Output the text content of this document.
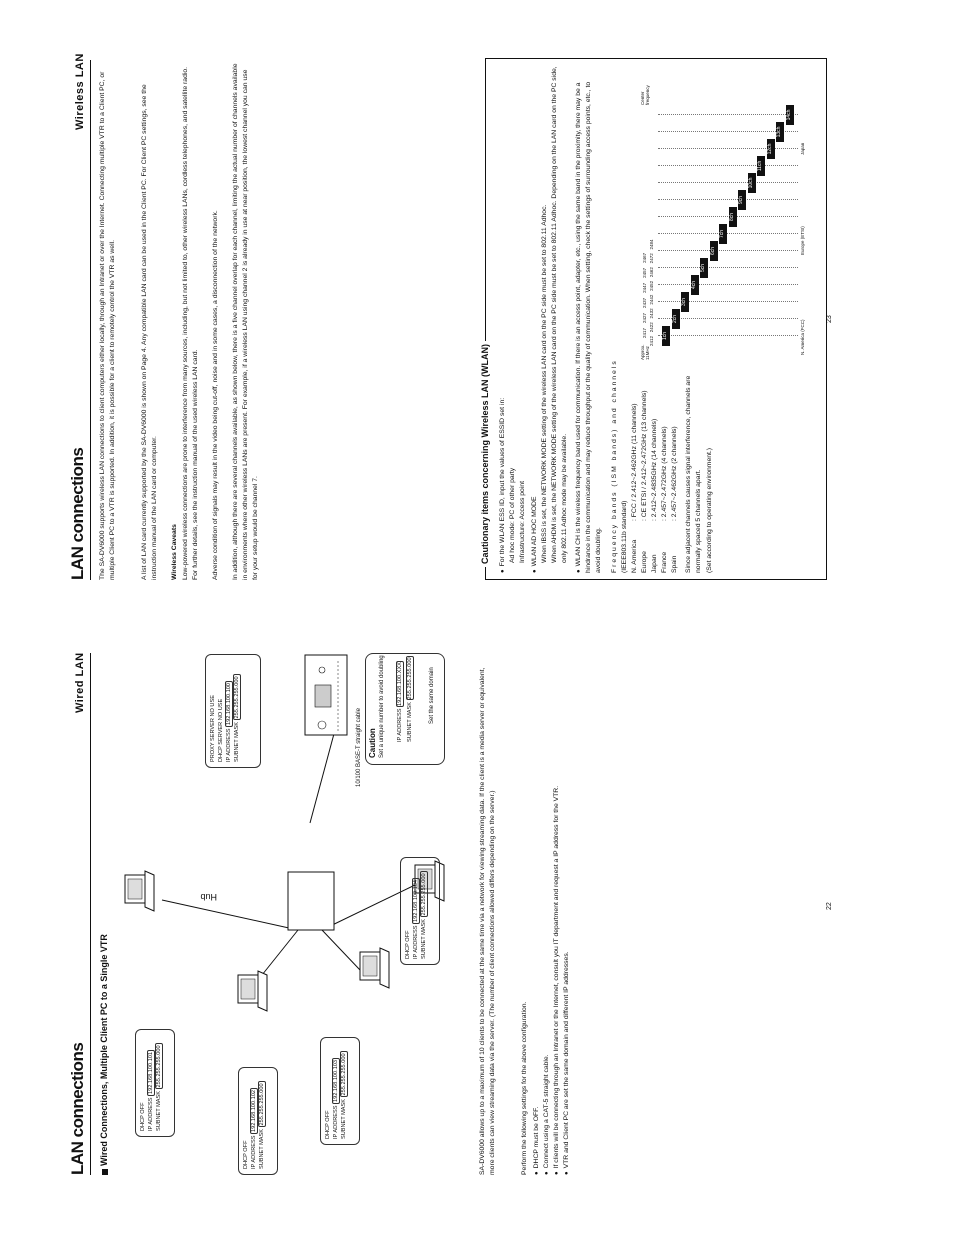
LAN connections
Wired LAN
Wired Connections, Multiple Client PC to a Single VTR
Hub
10/100 BASE-T straight cable
DHCP OFF IP ADDRESS 192.168.100.101
SUBNET MASK 255.255.255.000
DHCP OFF IP ADDRESS 192.168.100.102
SUBNET MASK 255.255.255.000	DHCP OFF IP ADDRESS 192.168.100.103
SUBNET MASK 255.255.255.000
DHCP OFF IP ADDRESS 192.168.100.104
SUBNET MASK 255.255.255.000
PROXY SERVER NO USE DHCP SERVER NO USE IP ADDRESS 192.168.100.100
SUBNET MASK 255.255.255.000
Caution Set a unique number to avoid doubling IP ADDRESS 192.168.100.XXX
SUBNET MASK 255.255.255.000	Set the same domain	SA-DV6000 allows up to a maximum of 10 clients to be connected at the same time via a network for viewing streaming data. If the client is a media server or equivalent, more clients can view streaming data via the server. (The number of client connections allowed differs depending on the server.)	Perform the following settings for the above configuration. ● DHCP must be OFF. ● Connect using a CAT-5 straight cable. ● If clients will be connecting through an Intranet or the Internet, consult you IT department and request a IP address for the VTR. ● VTR and Client PC are set the same domain and different IP addresses.
22
LAN connections
Wireless LAN The SA-DV6000 supports wireless LAN connections to client computers either locally, through an Intranet or over the Internet. Connecting multiple VTR to a Client PC, or multiple Client PC to a VTR is supported. In addition, it is possible for a client to remotely control the VTR as well.	A list of LAN card currently supported by the SA-DV6000 is shown on Page 4. Any compatible LAN card can be used in the Client PC. For Client PC settings, see the instruction manual of the LAN card or computer.	Wireless Caveats Low-powered wireless connections are prone to interference from many sources, including, but not limited to, other wireless LANs, cordless telephones, and satellite radio. For further details, see the instruction manual of the used wireless LAN card.	Adverse condition of signals may result in the video being cut-off, noise and in some cases, a disconnection of the network.	In addition, although there are several channels available, as shown below, there is a five channel overlap for each channel, limiting the actual number of channels available in environments where other wireless LANs are present. For example, if a wireless LAN using channel 2 is already in use at near position, the lowest channel you can use for your setup would be channel 7.	Cautionary items concerning Wireless LAN (WLAN) ● For the WLAN ESS ID, input the values of ESSID set in: Ad hoc mode: PC of other party Infrastructure: Access point ● WLAN AD HOC MODE When IBSS is set, the NETWORK MODE setting of the wireless LAN card on the PC side must be set to 802.11 Adhoc. When AHDM is set, the NETWORK MODE setting of the wireless LAN card on the PC side must be set to 802.11 Adhoc. Depending on the LAN card on the PC side, only 802.11 Adhoc mode may be available. ● WLAN CH is the wireless frequency band used for communication. If there is an access point, adapter, etc., using the same band in the proximity, there may be a hindrance in the communication and may reduce throughput or the quality of communication. When setting, check the settings of surrounding access points, etc., to avoid doubling.	Frequency bands (ISM bands) and channels (IEEE803.11b standard) N. America: FCC / 2.412~2.462GHz (11 channels)
Europe: CE ETSI / 2.412~2.472GHz (13 channels)
Japan: 2.412~2.4835GHz (14 channels)
France: 2.457~2.472GHz (4 channels)
Spain: 2.457~2.462GHz (2 channels)	Since adjacent channels causes signal interference, channels are normally spaced 5 channels apart. (Set according to operating environment.)
Approx. 11MHz
Center frequency
2417    2427    2437    2447    2457    2467
2412   2422   2432   2442   2452   2462   2472   2484
N. America (FCC)
Europe (ETSI)
Japan
1ch
2ch
3ch
4ch
5ch
6ch
7ch
8ch
9ch
10ch
11ch
12ch
13ch
14ch
23
